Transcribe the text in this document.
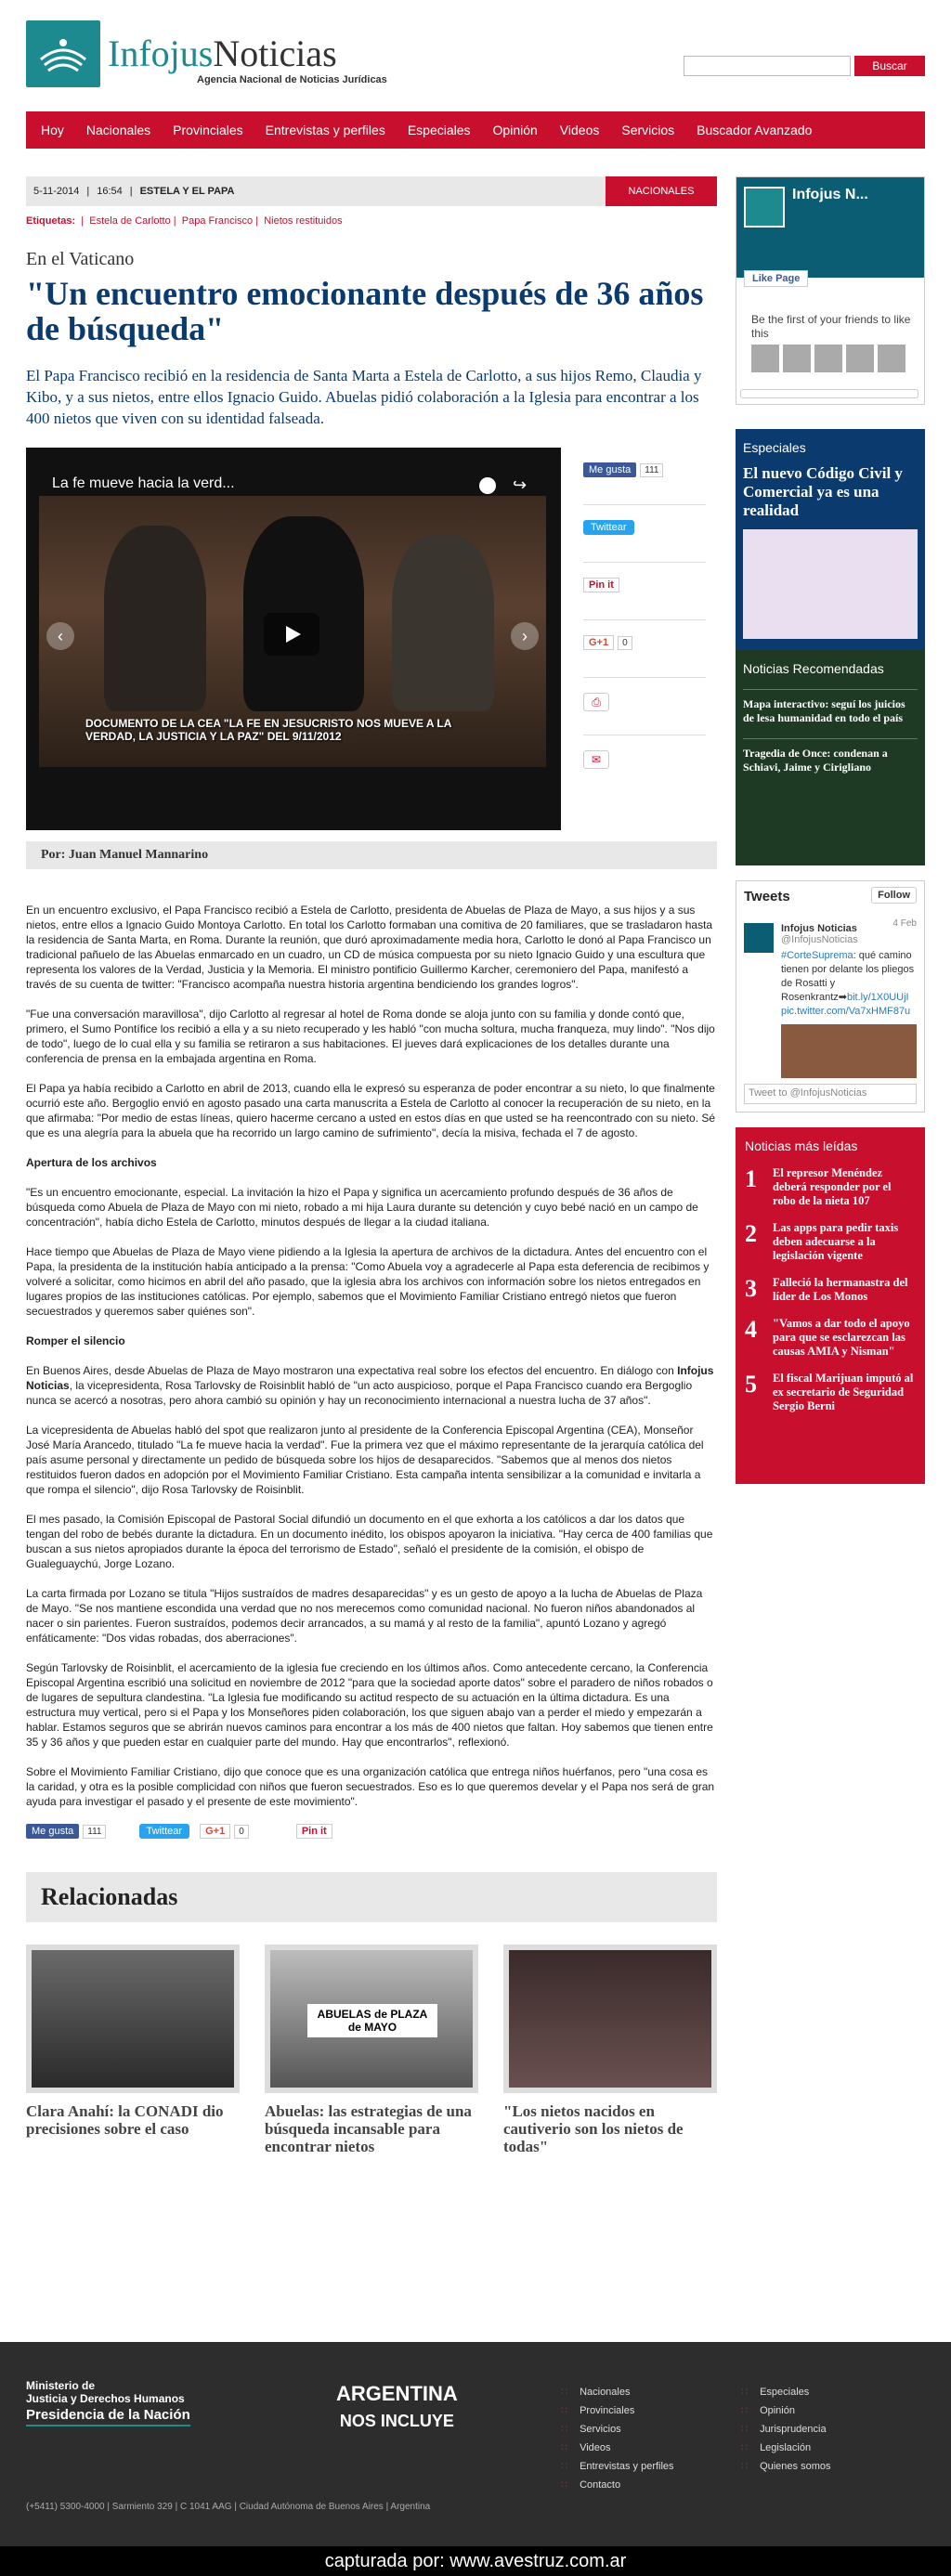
InfojusNoticias
Agencia Nacional de Noticias Jurídicas
Buscar
Hoy Nacionales Provinciales Entrevistas y perfiles Especiales Opinión Videos Servicios Buscador Avanzado
5-11-2014 | 16:54 | ESTELA Y EL PAPA	NACIONALES
Etiquetas:  |  Estela de Carlotto |  Papa Francisco |  Nietos restituidos
En el Vaticano
"Un encuentro emocionante después de 36 años de búsqueda"
El Papa Francisco recibió en la residencia de Santa Marta a Estela de Carlotto, a sus hijos Remo, Claudia y Kibo, y a sus nietos, entre ellos Ignacio Guido. Abuelas pidió colaboración a la Iglesia para encontrar a los 400 nietos que viven con su identidad falseada.
La fe mueve hacia la verd...	↪
‹	›
DOCUMENTO DE LA CEA "LA FE EN JESUCRISTO NOS MUEVE A LA VERDAD, LA JUSTICIA Y LA PAZ" DEL 9/11/2012
Me gusta 111
Twittear
Pin it
G+1 0
⎙
✉
Por: Juan Manuel Mannarino

En un encuentro exclusivo, el Papa Francisco recibió a Estela de Carlotto, presidenta de Abuelas de Plaza de Mayo, a sus hijos y a sus nietos, entre ellos a Ignacio Guido Montoya Carlotto. En total los Carlotto formaban una comitiva de 20 familiares, que se trasladaron hasta la residencia de Santa Marta, en Roma. Durante la reunión, que duró aproximadamente media hora, Carlotto le donó al Papa Francisco un tradicional pañuelo de las Abuelas enmarcado en un cuadro, un CD de música compuesta por su nieto Ignacio Guido y una escultura que representa los valores de la Verdad, Justicia y la Memoria. El ministro pontificio Guillermo Karcher, ceremoniero del Papa, manifestó a través de su cuenta de twitter: "Francisco acompaña nuestra historia argentina bendiciendo los grandes logros".

"Fue una conversación maravillosa", dijo Carlotto al regresar al hotel de Roma donde se aloja junto con su familia y donde contó que, primero, el Sumo Pontífice los recibió a ella y a su nieto recuperado y les habló "con mucha soltura, mucha franqueza, muy lindo". "Nos dijo de todo", luego de lo cual ella y su familia se retiraron a sus habitaciones. El jueves dará explicaciones de los detalles durante una conferencia de prensa en la embajada argentina en Roma.

El Papa ya había recibido a Carlotto en abril de 2013, cuando ella le expresó su esperanza de poder encontrar a su nieto, lo que finalmente ocurrió este año. Bergoglio envió en agosto pasado una carta manuscrita a Estela de Carlotto al conocer la recuperación de su nieto, en la que afirmaba: "Por medio de estas líneas, quiero hacerme cercano a usted en estos días en que usted se ha reencontrado con su nieto. Sé que es una alegría para la abuela que ha recorrido un largo camino de sufrimiento", decía la misiva, fechada el 7 de agosto.

Apertura de los archivos

"Es un encuentro emocionante, especial. La invitación la hizo el Papa y significa un acercamiento profundo después de 36 años de búsqueda como Abuela de Plaza de Mayo con mi nieto, robado a mi hija Laura durante su detención y cuyo bebé nació en un campo de concentración", había dicho Estela de Carlotto, minutos después de llegar a la ciudad italiana.

Hace tiempo que Abuelas de Plaza de Mayo viene pidiendo a la Iglesia la apertura de archivos de la dictadura. Antes del encuentro con el Papa, la presidenta de la institución había anticipado a la prensa: "Como Abuela voy a agradecerle al Papa esta deferencia de recibimos y volveré a solicitar, como hicimos en abril del año pasado, que la iglesia abra los archivos con información sobre los nietos entregados en lugares propios de las instituciones católicas. Por ejemplo, sabemos que el Movimiento Familiar Cristiano entregó nietos que fueron secuestrados y queremos saber quiénes son".

Romper el silencio

En Buenos Aires, desde Abuelas de Plaza de Mayo mostraron una expectativa real sobre los efectos del encuentro. En diálogo con Infojus Noticias, la vicepresidenta, Rosa Tarlovsky de Roisinblit habló de "un acto auspicioso, porque el Papa Francisco cuando era Bergoglio nunca se acercó a nosotras, pero ahora cambió su opinión y hay un reconocimiento internacional a nuestra lucha de 37 años".

La vicepresidenta de Abuelas habló del spot que realizaron junto al presidente de la Conferencia Episcopal Argentina (CEA), Monseñor José María Arancedo, titulado "La fe mueve hacia la verdad". Fue la primera vez que el máximo representante de la jerarquía católica del país asume personal y directamente un pedido de búsqueda sobre los hijos de desaparecidos. "Sabemos que al menos dos nietos restituidos fueron dados en adopción por el Movimiento Familiar Cristiano. Esta campaña intenta sensibilizar a la comunidad e invitarla a que rompa el silencio", dijo Rosa Tarlovsky de Roisinblit.

El mes pasado, la Comisión Episcopal de Pastoral Social difundió un documento en el que exhorta a los católicos a dar los datos que tengan del robo de bebés durante la dictadura. En un documento inédito, los obispos apoyaron la iniciativa. "Hay cerca de 400 familias que buscan a sus nietos apropiados durante la época del terrorismo de Estado", señaló el presidente de la comisión, el obispo de Gualeguaychú, Jorge Lozano.

La carta firmada por Lozano se titula "Hijos sustraídos de madres desaparecidas" y es un gesto de apoyo a la lucha de Abuelas de Plaza de Mayo. "Se nos mantiene escondida una verdad que no nos merecemos como comunidad nacional. No fueron niños abandonados al nacer o sin parientes. Fueron sustraídos, podemos decir arrancados, a su mamá y al resto de la familia", apuntó Lozano y agregó enfáticamente: "Dos vidas robadas, dos aberraciones".

Según Tarlovsky de Roisinblit, el acercamiento de la iglesia fue creciendo en los últimos años. Como antecedente cercano, la Conferencia Episcopal Argentina escribió una solicitud en noviembre de 2012 "para que la sociedad aporte datos" sobre el paradero de niños robados o de lugares de sepultura clandestina. "La Iglesia fue modificando su actitud respecto de su actuación en la última dictadura. Es una estructura muy vertical, pero si el Papa y los Monseñores piden colaboración, los que siguen abajo van a perder el miedo y empezarán a hablar. Estamos seguros que se abrirán nuevos caminos para encontrar a los más de 400 nietos que faltan. Hoy sabemos que tienen entre 35 y 36 años y que pueden estar en cualquier parte del mundo. Hay que encontrarlos", reflexionó.

Sobre el Movimiento Familiar Cristiano, dijo que conoce que es una organización católica que entrega niños huérfanos, pero "una cosa es la caridad, y otra es la posible complicidad con niños que fueron secuestrados. Eso es lo que queremos develar y el Papa nos será de gran ayuda para investigar el pasado y el presente de este movimiento".

Me gusta 111	Twittear G+1 0	Pin it
Relacionadas
Clara Anahí: la CONADI dio precisiones sobre el caso
ABUELAS de PLAZA de MAYO
Abuelas: las estrategias de una búsqueda incansable para encontrar nietos
"Los nietos nacidos en cautiverio son los nietos de todas"
Infojus N...
Like Page
Be the first of your friends to like this
Especiales
El nuevo Código Civil y Comercial ya es una realidad
Noticias Recomendadas
Mapa interactivo: seguí los juicios de lesa humanidad en todo el país
Tragedia de Once: condenan a Schiavi, Jaime y Cirigliano
Tweets	Follow
Infojus Noticias
@InfojusNoticias
4 Feb
#CorteSuprema: qué camino tienen por delante los pliegos de Rosatti y Rosenkrantz➡bit.ly/1X0UUjI pic.twitter.com/Va7xHMF87u
Tweet to @InfojusNoticias
Noticias más leídas
1	El represor Menéndez deberá responder por el robo de la nieta 107
2	Las apps para pedir taxis deben adecuarse a la legislación vigente
3	Falleció la hermanastra del líder de Los Monos
4	"Vamos a dar todo el apoyo para que se esclarezcan las causas AMIA y Nisman"
5	El fiscal Marijuan imputó al ex secretario de Seguridad Sergio Berni
Ministerio de
Justicia y Derechos Humanos
Presidencia de la Nación
ARGENTINA
NOS INCLUYE
(+5411) 5300-4000 | Sarmiento 329 | C 1041 AAG | Ciudad Autónoma de Buenos Aires | Argentina
∷ Nacionales
∷ Provinciales
∷ Servicios
∷ Videos
∷ Entrevistas y perfiles
∷ Contacto
∷ Especiales
∷ Opinión
∷ Jurisprudencia
∷ Legislación
∷ Quienes somos
capturada por: www.avestruz.com.ar
